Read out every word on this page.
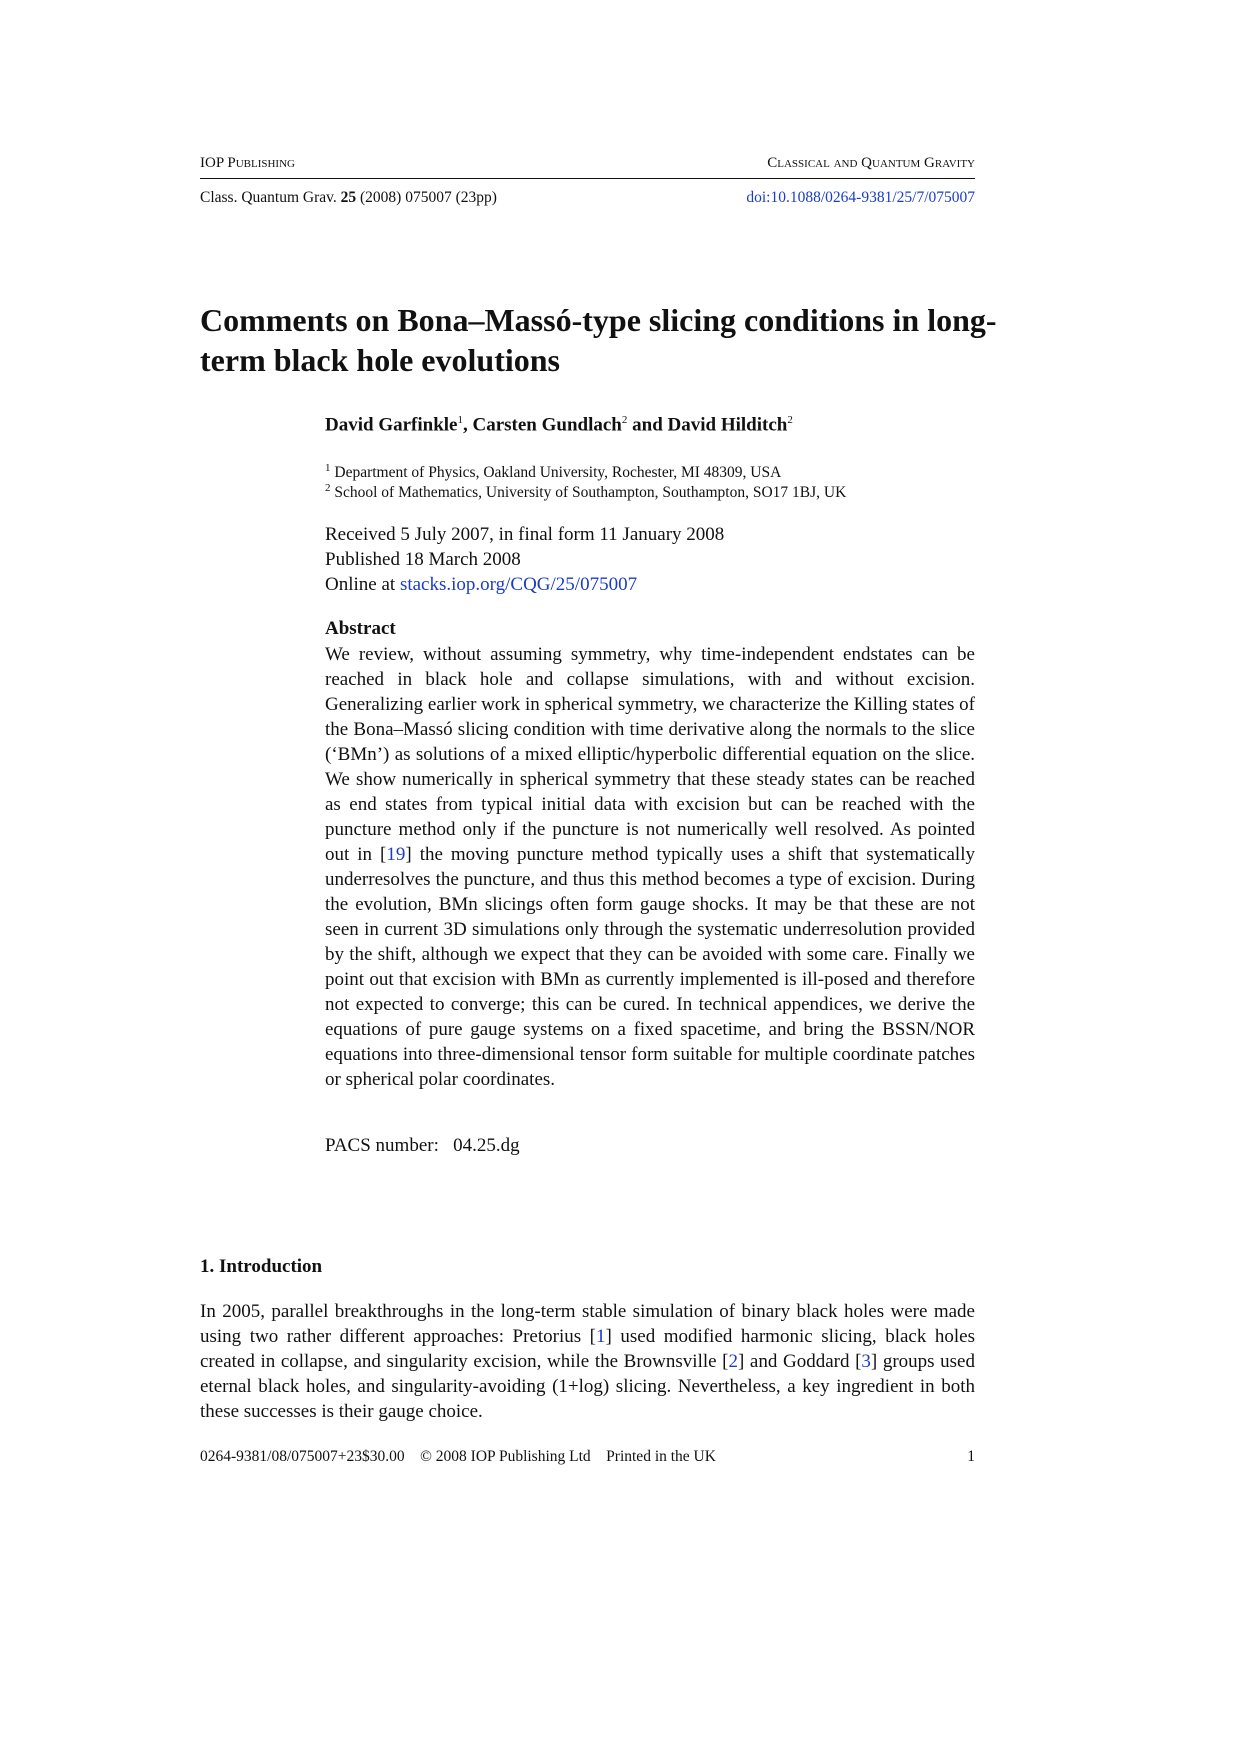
IOP Publishing	Classical and Quantum Gravity
Class. Quantum Grav. 25 (2008) 075007 (23pp)	doi:10.1088/0264-9381/25/7/075007
Comments on Bona–Massó-type slicing conditions in long-term black hole evolutions
David Garfinkle$^1$, Carsten Gundlach$^2$ and David Hilditch$^2$
$^1$ Department of Physics, Oakland University, Rochester, MI 48309, USA
$^2$ School of Mathematics, University of Southampton, Southampton, SO17 1BJ, UK
Received 5 July 2007, in final form 11 January 2008
Published 18 March 2008
Online at stacks.iop.org/CQG/25/075007
Abstract

We review, without assuming symmetry, why time-independent endstates can be reached in black hole and collapse simulations, with and without excision. Generalizing earlier work in spherical symmetry, we characterize the Killing states of the Bona–Massó slicing condition with time derivative along the normals to the slice (‘BMn’) as solutions of a mixed elliptic/hyperbolic differential equation on the slice. We show numerically in spherical symmetry that these steady states can be reached as end states from typical initial data with excision but can be reached with the puncture method only if the puncture is not numerically well resolved. As pointed out in [19] the moving puncture method typically uses a shift that systematically underresolves the puncture, and thus this method becomes a type of excision. During the evolution, BMn slicings often form gauge shocks. It may be that these are not seen in current 3D simulations only through the systematic underresolution provided by the shift, although we expect that they can be avoided with some care. Finally we point out that excision with BMn as currently implemented is ill-posed and therefore not expected to converge; this can be cured. In technical appendices, we derive the equations of pure gauge systems on a fixed spacetime, and bring the BSSN/NOR equations into three-dimensional tensor form suitable for multiple coordinate patches or spherical polar coordinates.

PACS number: 04.25.dg
1. Introduction

In 2005, parallel breakthroughs in the long-term stable simulation of binary black holes were made using two rather different approaches: Pretorius [1] used modified harmonic slicing, black holes created in collapse, and singularity excision, while the Brownsville [2] and Goddard [3] groups used eternal black holes, and singularity-avoiding (1+log) slicing. Nevertheless, a key ingredient in both these successes is their gauge choice.

0264-9381/08/075007+23$30.00    © 2008 IOP Publishing Ltd    Printed in the UK	1
